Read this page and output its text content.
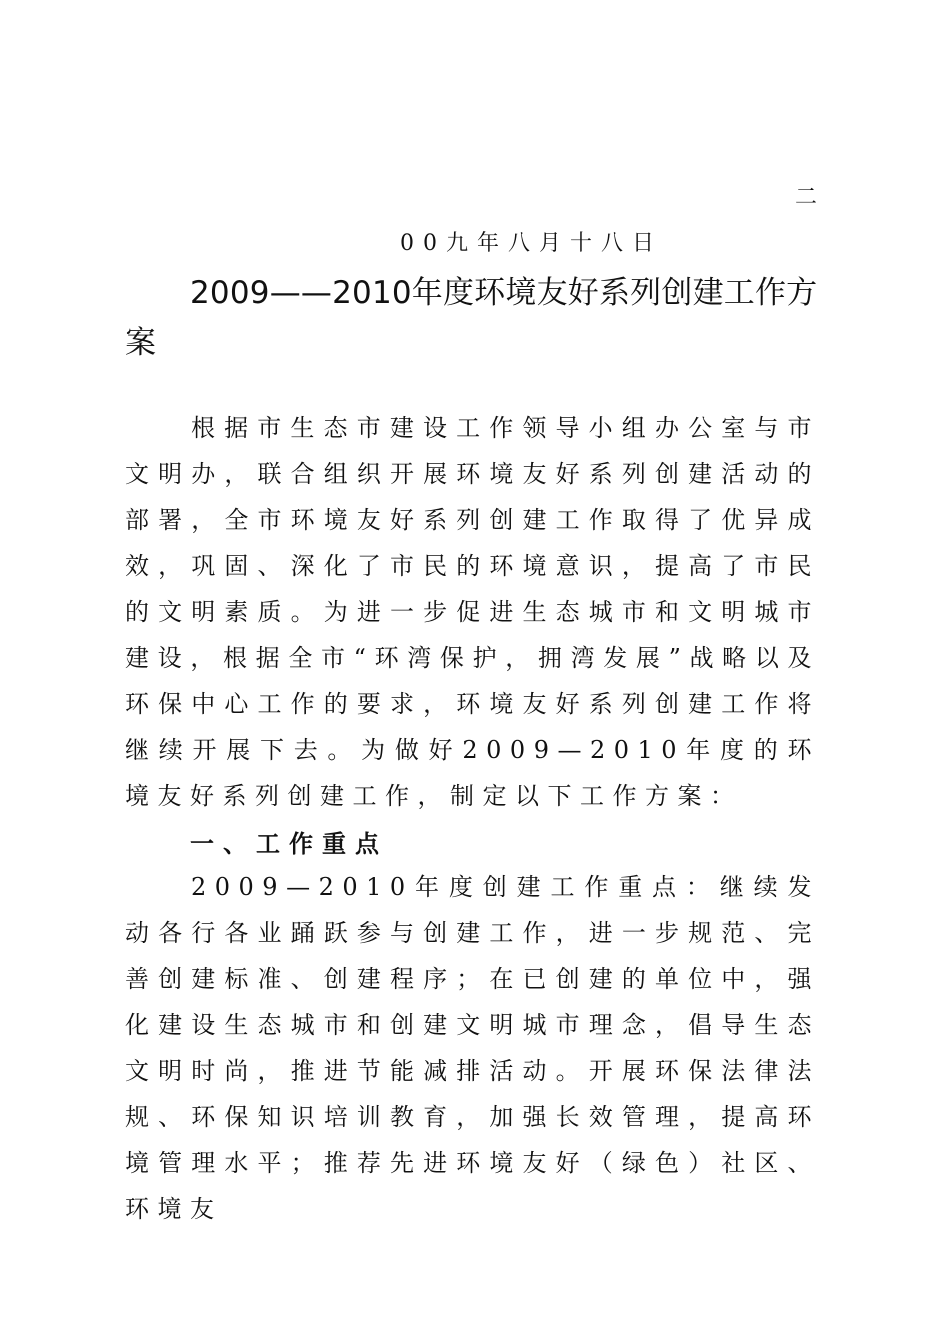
二
00九年八月十八日
2009——2010年度环境友好系列创建工作方案
根据市生态市建设工作领导小组办公室与市文明办，联合组织开展环境友好系列创建活动的部署，全市环境友好系列创建工作取得了优异成效，巩固、深化了市民的环境意识，提高了市民的文明素质。为进一步促进生态城市和文明城市建设，根据全市“环湾保护，拥湾发展”战略以及环保中心工作的要求，环境友好系列创建工作将继续开展下去。为做好2009—2010年度的环境友好系列创建工作，制定以下工作方案：
一、工作重点
2009—2010年度创建工作重点：继续发动各行各业踊跃参与创建工作，进一步规范、完善创建标准、创建程序；在已创建的单位中，强化建设生态城市和创建文明城市理念，倡导生态文明时尚，推进节能减排活动。开展环保法律法规、环保知识培训教育，加强长效管理，提高环境管理水平；推荐先进环境友好（绿色）社区、环境友
